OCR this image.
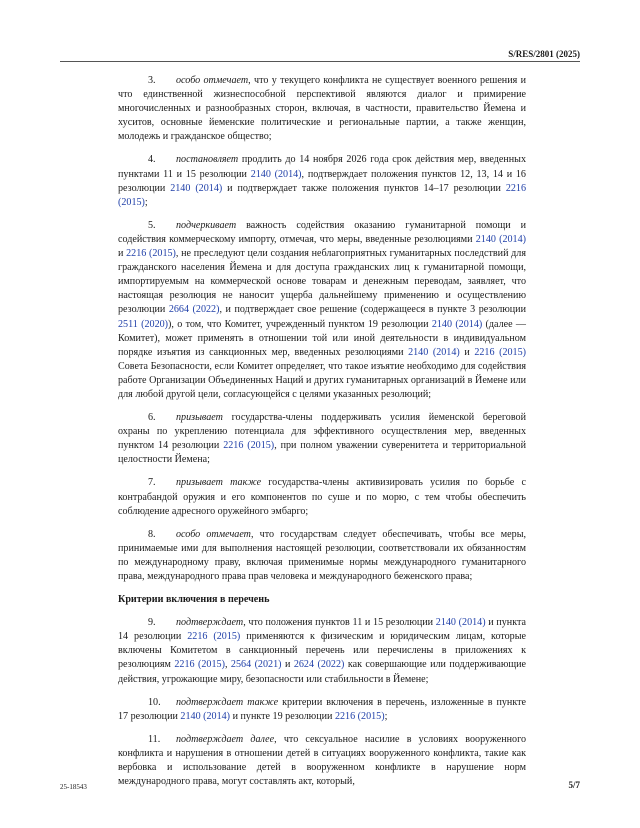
S/RES/2801 (2025)

3. особо отмечает, что у текущего конфликта не существует военного решения и что единственной жизнеспособной перспективой являются диалог и примирение многочисленных и разнообразных сторон, включая, в частности, правительство Йемена и хуситов, основные йеменские политические и региональные партии, а также женщин, молодежь и гражданское общество;

4. постановляет продлить до 14 ноября 2026 года срок действия мер, введенных пунктами 11 и 15 резолюции 2140 (2014), подтверждает положения пунктов 12, 13, 14 и 16 резолюции 2140 (2014) и подтверждает также положения пунктов 14–17 резолюции 2216 (2015);

5. подчеркивает важность содействия оказанию гуманитарной помощи и содействия коммерческому импорту, отмечая, что меры, введенные резолюциями 2140 (2014) и 2216 (2015), не преследуют цели создания неблагоприятных гуманитарных последствий для гражданского населения Йемена и для доступа гражданских лиц к гуманитарной помощи, импортируемым на коммерческой основе товарам и денежным переводам, заявляет, что настоящая резолюция не наносит ущерба дальнейшему применению и осуществлению резолюции 2664 (2022), и подтверждает свое решение (содержащееся в пункте 3 резолюции 2511 (2020)), о том, что Комитет, учрежденный пунктом 19 резолюции 2140 (2014) (далее — Комитет), может применять в отношении той или иной деятельности в индивидуальном порядке изъятия из санкционных мер, введенных резолюциями 2140 (2014) и 2216 (2015) Совета Безопасности, если Комитет определяет, что такое изъятие необходимо для содействия работе Организации Объединенных Наций и других гуманитарных организаций в Йемене или для любой другой цели, согласующейся с целями указанных резолюций;

6. призывает государства-члены поддерживать усилия йеменской береговой охраны по укреплению потенциала для эффективного осуществления мер, введенных пунктом 14 резолюции 2216 (2015), при полном уважении суверенитета и территориальной целостности Йемена;

7. призывает также государства-члены активизировать усилия по борьбе с контрабандой оружия и его компонентов по суше и по морю, с тем чтобы обеспечить соблюдение адресного оружейного эмбарго;

8. особо отмечает, что государствам следует обеспечивать, чтобы все меры, принимаемые ими для выполнения настоящей резолюции, соответствовали их обязанностям по международному праву, включая применимые нормы международного гуманитарного права, международного права прав человека и международного беженского права;

Критерии включения в перечень

9. подтверждает, что положения пунктов 11 и 15 резолюции 2140 (2014) и пункта 14 резолюции 2216 (2015) применяются к физическим и юридическим лицам, которые включены Комитетом в санкционный перечень или перечислены в приложениях к резолюциям 2216 (2015), 2564 (2021) и 2624 (2022) как совершающие или поддерживающие действия, угрожающие миру, безопасности или стабильности в Йемене;

10. подтверждает также критерии включения в перечень, изложенные в пункте 17 резолюции 2140 (2014) и пункте 19 резолюции 2216 (2015);

11. подтверждает далее, что сексуальное насилие в условиях вооруженного конфликта и нарушения в отношении детей в ситуациях вооруженного конфликта, такие как вербовка и использование детей в вооруженном конфликте в нарушение норм международного права, могут составлять акт, который,

25-18543	5/7
